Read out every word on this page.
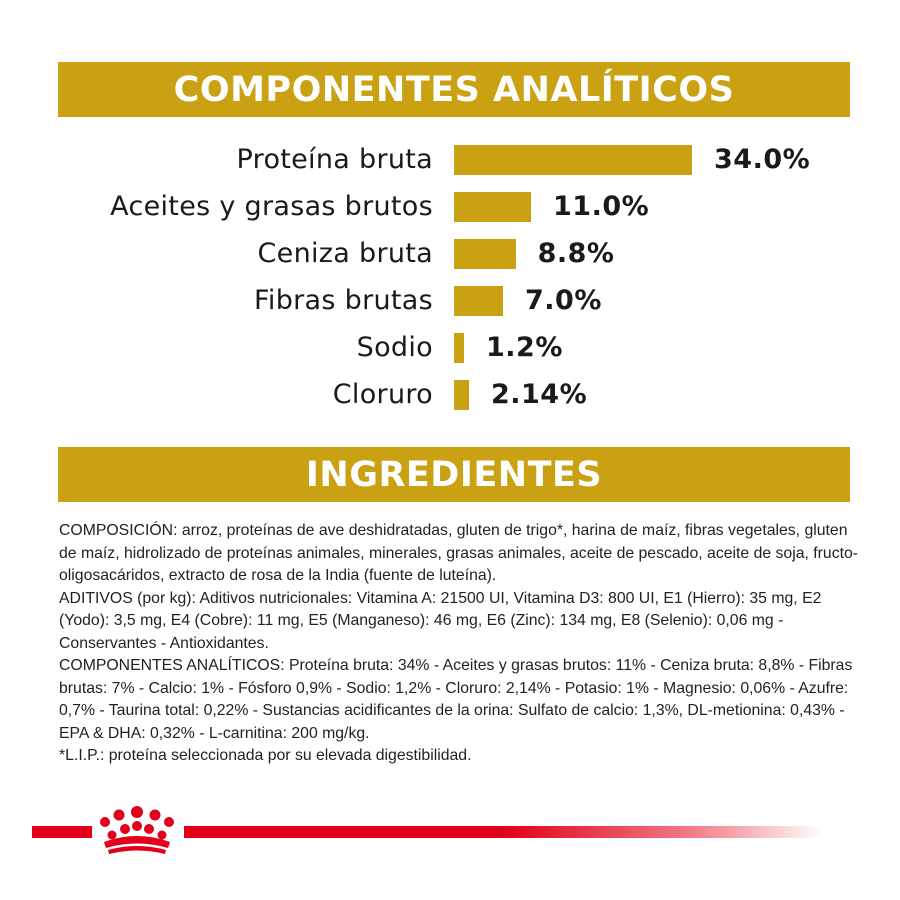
COMPONENTES ANALÍTICOS
Proteína bruta	34.0%
Aceites y grasas brutos	11.0%
Ceniza bruta	8.8%
Fibras brutas	7.0%
Sodio 1.2%
Cloruro 2.14%
INGREDIENTES

COMPOSICIÓN: arroz, proteínas de ave deshidratadas, gluten de trigo*, harina de maíz, fibras vegetales, gluten de maíz, hidrolizado de proteínas animales, minerales, grasas animales, aceite de pescado, aceite de soja, fructo-oligosacáridos, extracto de rosa de la India (fuente de luteína).

ADITIVOS (por kg): Aditivos nutricionales: Vitamina A: 21500 UI, Vitamina D3: 800 UI, E1 (Hierro): 35 mg, E2 (Yodo): 3,5 mg, E4 (Cobre): 11 mg, E5 (Manganeso): 46 mg, E6 (Zinc): 134 mg, E8 (Selenio): 0,06 mg - Conservantes - Antioxidantes.

COMPONENTES ANALÍTICOS: Proteína bruta: 34% - Aceites y grasas brutos: 11% - Ceniza bruta: 8,8% - Fibras brutas: 7% - Calcio: 1% - Fósforo 0,9% - Sodio: 1,2% - Cloruro: 2,14% - Potasio: 1% - Magnesio: 0,06% - Azufre: 0,7% - Taurina total: 0,22% - Sustancias acidificantes de la orina: Sulfato de calcio: 1,3%, DL-metionina: 0,43% - EPA & DHA: 0,32% - L-carnitina: 200 mg/kg.

*L.I.P.: proteína seleccionada por su elevada digestibilidad.
